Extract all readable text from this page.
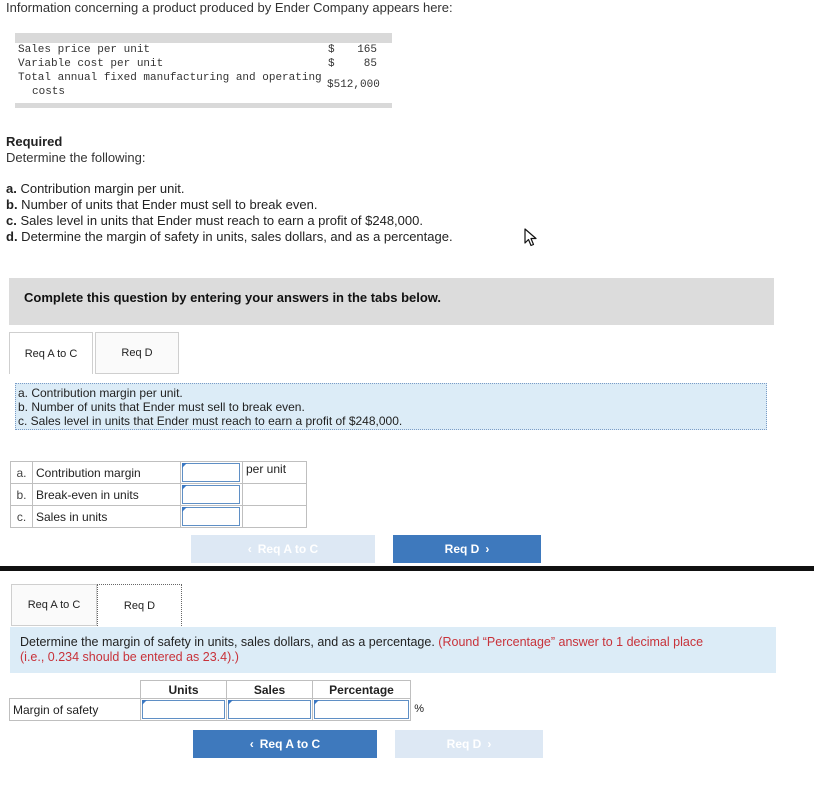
Information concerning a product produced by Ender Company appears here:
Sales price per unit	$ 165
Variable cost per unit	$	85
Total annual fixed manufacturing and operating
costs
$512,000
Required
Determine the following:
a. Contribution margin per unit.
b. Number of units that Ender must sell to break even.
c. Sales level in units that Ender must reach to earn a profit of $248,000.
d. Determine the margin of safety in units, sales dollars, and as a percentage.
Complete this question by entering your answers in the tabs below.
Req A to C	Req D
a. Contribution margin per unit.
b. Number of units that Ender must sell to break even.
c. Sales level in units that Ender must reach to earn a profit of $248,000.
a.	Contribution margin		per unit
b.	Break-even in units	

c.	Sales in units	

‹ Req A to C	Req D ›
Req A to C	Req D
Determine the margin of safety in units, sales dollars, and as a percentage. (Round “Percentage” answer to 1 decimal place
(i.e., 0.234 should be entered as 23.4).)
	Units	Sales	Percentage
Margin of safety			%
‹ Req A to C	Req D ›
